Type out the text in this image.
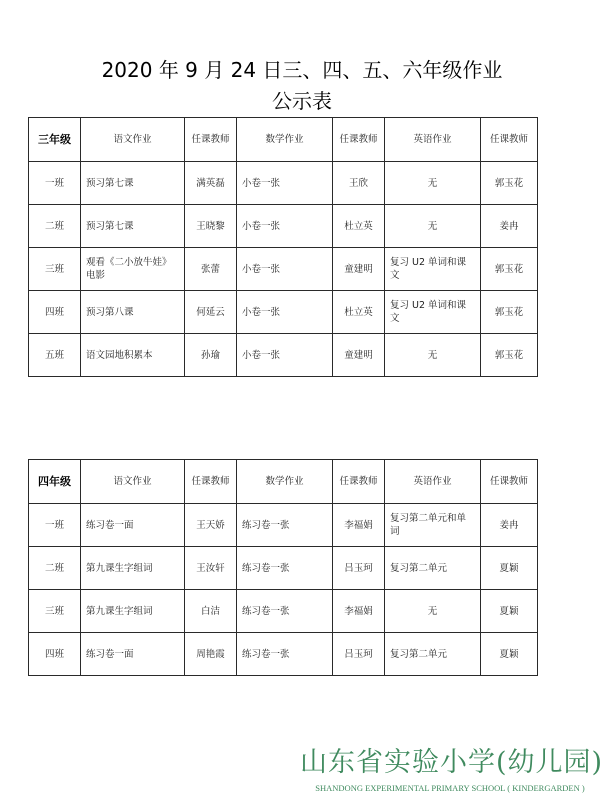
2020 年 9 月 24 日三、四、五、六年级作业
公示表
三年级	语文作业	任课教师	数学作业	任课教师	英语作业	任课教师
一班	预习第七课	满英磊	小卷一张	王欣	无	郭玉花
二班	预习第七课	王晓黎	小卷一张	杜立英	无	姜冉
三班	观看《二小放牛娃》电影	张蕾	小卷一张	童建明	复习 U2 单词和课文	郭玉花
四班	预习第八课	何延云	小卷一张	杜立英	复习 U2 单词和课文	郭玉花
五班	语文园地积累本	孙瑜	小卷一张	童建明	无	郭玉花
四年级	语文作业	任课教师	数学作业	任课教师	英语作业	任课教师
一班	练习卷一面	王天娇	练习卷一张	李福娟	复习第二单元和单词	姜冉
二班	第九课生字组词	王汝轩	练习卷一张	吕玉珂	复习第二单元	夏颖
三班	第九课生字组词	白洁	练习卷一张	李福娟	无	夏颖
四班	练习卷一面	周艳霞	练习卷一张	吕玉珂	复习第二单元	夏颖
山东省实验小学(幼儿园)
SHANDONG EXPERIMENTAL PRIMARY SCHOOL ( KINDERGARDEN )
